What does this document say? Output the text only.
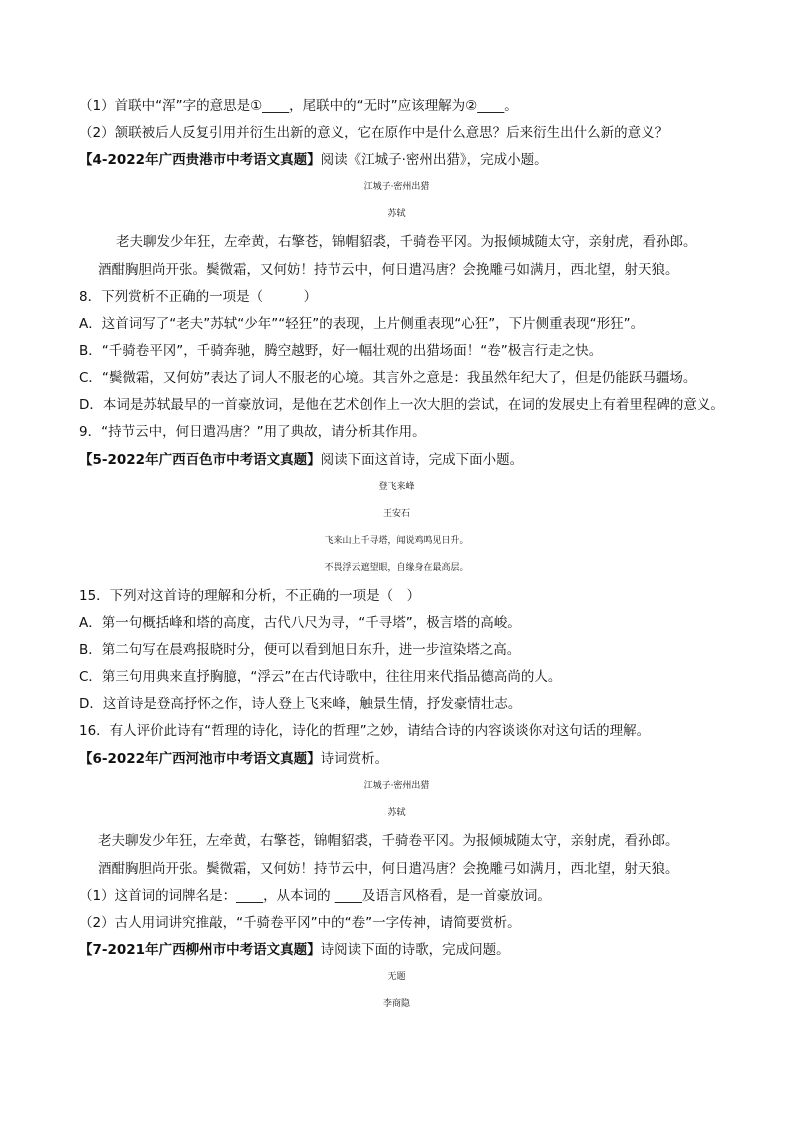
（1）首联中“浑”字的意思是①____，尾联中的“无时”应该理解为②____。
（2）颔联被后人反复引用并衍生出新的意义，它在原作中是什么意思？后来衍生出什么新的意义？
【4-2022年广西贵港市中考语文真题】阅读《江城子·密州出猎》，完成小题。
江城子·密州出猎
苏轼
老夫聊发少年狂，左牵黄，右擎苍，锦帽貂裘，千骑卷平冈。为报倾城随太守，亲射虎，看孙郎。
酒酣胸胆尚开张。鬓微霜，又何妨！持节云中，何日遣冯唐？会挽雕弓如满月，西北望，射天狼。
8．下列赏析不正确的一项是（　　　）
A．这首词写了“老夫”苏轼“少年”“轻狂”的表现，上片侧重表现“心狂”，下片侧重表现“形狂”。
B．“千骑卷平冈”，千骑奔驰，腾空越野，好一幅壮观的出猎场面！“卷”极言行走之快。
C．“鬓微霜，又何妨”表达了词人不服老的心境。其言外之意是：我虽然年纪大了，但是仍能跃马疆场。
D．本词是苏轼最早的一首豪放词，是他在艺术创作上一次大胆的尝试，在词的发展史上有着里程碑的意义。
9．“持节云中，何日遣冯唐？”用了典故，请分析其作用。
【5-2022年广西百色市中考语文真题】阅读下面这首诗，完成下面小题。
登飞来峰
王安石
飞来山上千寻塔，闻说鸡鸣见日升。
不畏浮云遮望眼，自缘身在最高层。
15．下列对这首诗的理解和分析，不正确的一项是（　）
A．第一句概括峰和塔的高度，古代八尺为寻，“千寻塔”，极言塔的高峻。
B．第二句写在晨鸡报晓时分，便可以看到旭日东升，进一步渲染塔之高。
C．第三句用典来直抒胸臆，“浮云”在古代诗歌中，往往用来代指品德高尚的人。
D．这首诗是登高抒怀之作，诗人登上飞来峰，触景生情，抒发豪情壮志。
16．有人评价此诗有“哲理的诗化，诗化的哲理”之妙，请结合诗的内容谈谈你对这句话的理解。
【6-2022年广西河池市中考语文真题】诗词赏析。
江城子·密州出猎
苏轼
老夫聊发少年狂，左牵黄，右擎苍，锦帽貂裘，千骑卷平冈。为报倾城随太守，亲射虎，看孙郎。
酒酣胸胆尚开张。鬓微霜，又何妨！持节云中，何日遣冯唐？会挽雕弓如满月，西北望，射天狼。
（1）这首词的词牌名是：____，从本词的 ____及语言风格看，是一首豪放词。
（2）古人用词讲究推敲，“千骑卷平冈”中的“卷”一字传神，请简要赏析。
【7-2021年广西柳州市中考语文真题】诗阅读下面的诗歌，完成问题。
无题
李商隐
